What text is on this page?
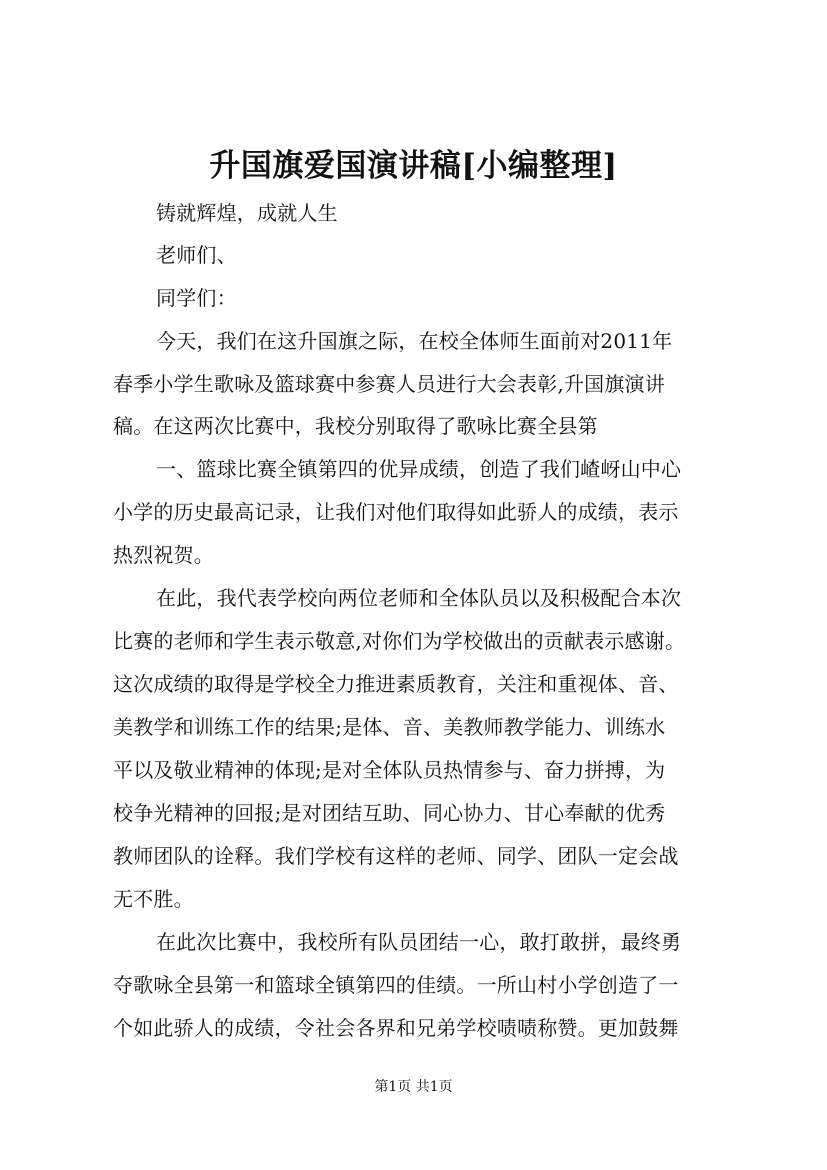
升国旗爱国演讲稿[小编整理]
铸就辉煌，成就人生
老师们、
同学们：
今天，我们在这升国旗之际，在校全体师生面前对2011年
春季小学生歌咏及篮球赛中参赛人员进行大会表彰,升国旗演讲
稿。在这两次比赛中，我校分别取得了歌咏比赛全县第
一、篮球比赛全镇第四的优异成绩，创造了我们嵖岈山中心
小学的历史最高记录，让我们对他们取得如此骄人的成绩，表示
热烈祝贺。
在此，我代表学校向两位老师和全体队员以及积极配合本次
比赛的老师和学生表示敬意,对你们为学校做出的贡献表示感谢。
这次成绩的取得是学校全力推进素质教育，关注和重视体、音、
美教学和训练工作的结果;是体、音、美教师教学能力、训练水
平以及敬业精神的体现;是对全体队员热情参与、奋力拼搏，为
校争光精神的回报;是对团结互助、同心协力、甘心奉献的优秀
教师团队的诠释。我们学校有这样的老师、同学、团队一定会战
无不胜。
在此次比赛中，我校所有队员团结一心，敢打敢拼，最终勇
夺歌咏全县第一和篮球全镇第四的佳绩。一所山村小学创造了一
个如此骄人的成绩，令社会各界和兄弟学校啧啧称赞。更加鼓舞
第1页 共1页
